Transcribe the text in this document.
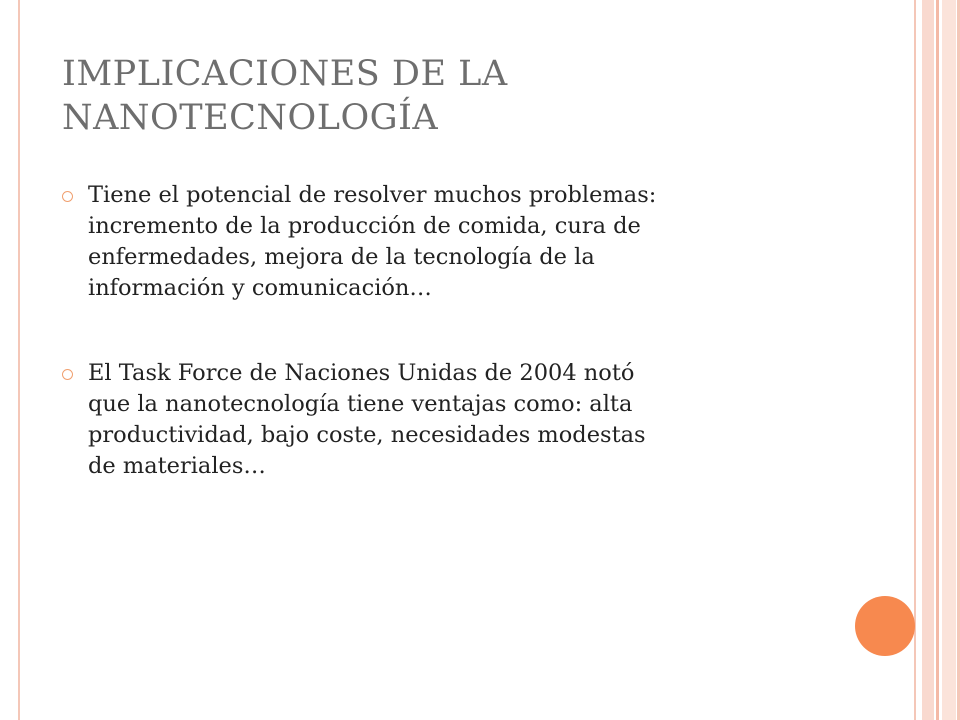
IMPLICACIONES DE LA
NANOTECNOLOGÍA
Tiene el potencial de resolver muchos problemas:
incremento de la producción de comida, cura de
enfermedades, mejora de la tecnología de la
información y comunicación…
El Task Force de Naciones Unidas de 2004 notó
que la nanotecnología tiene ventajas como: alta
productividad, bajo coste, necesidades modestas
de materiales…
